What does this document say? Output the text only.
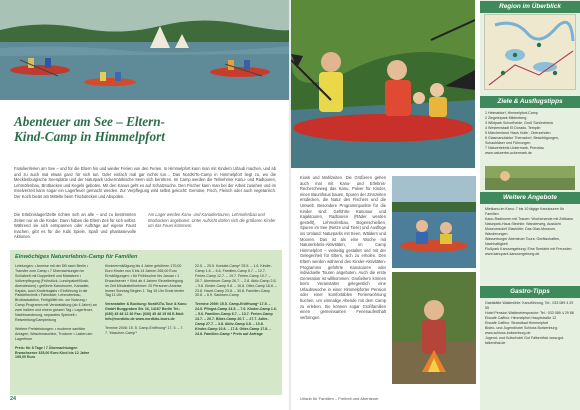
Abenteuer am See – Eltern-Kind-Camp in Himmelpfort
Familienferien am See – und für die Eltern hin und wieder Ferien von den Ferien. In Himmelpfort kann man mit Kindern Urlaub machen, und ab und zu auch mal etwas ganz für sich tun. Oder einfach mal gar nichts tun… Das NordKiTo-Camp in Himmelpfort liegt zu, wo die Mecklenburgische Seenplatte und der Naturpark Uckermärkische Seen sich berühren. Im Camp werden die Teilnehmer Kanu- und Radtouren, Lehmöfenbau, Brotbacken und Kegeln geboten. Mit den Kanus geht es auf Schatzsuche. Den Fischer kann man bei der Arbeit zusehen und im Inselverzeit kann sogar ein Lagerfeuer gemacht werden. Zur Verpflegung wird selbst gekocht: Gemüse, Fisch, Fleisch oder auch vegetarisch. Der Koch bietet am Mittelte beim Tischdecken und Abspülen.
Die Erlebnislager/Zelte richten sich an alle – und zu bestimmten Zeiten nur an die Kinder. Dann haben die Eltern Zeit für sich selbst. Während sie sich entspannen oder Aufträge auf eigene Faust machen, gibt es für die Kids Spiele, Spaß und phantasievolle Aktionen.
Am Lager werden Kanu- und Kanadiertouren, Lehmofenbau und Brotbacken angeboten. Unter Aufsicht dürfen sich die größeren Kinder um das Feuer kümmern.
Einwöchiges Naturerlebnis-Camp für Familien
Leistungen: • Anreise mit der DB nach Berlin • Transfer zum Camp • 7 Übernachtungen im Schlafzelt mit Doppelbett und Matratzen • Vollverpflegung (Frühstück, Lunchpaket/Kiosk, Abendessen) • geführte Kanutouren, Kanadier, Kajaks, auch Kinderkajaks • Einführung in die Paddeltechnik • Fahrräder, Lehmofenbau, Brotbackaktion, Fertiglöffel etc. zur Nutzung • Camp-Programm mit Veranstaltung (ab 4 Jahre) an zwei halben und einem ganzen Tag • Lagerfeuer, Nachtwanderung, separates Spielzelt • Reiseleitung/Campleitung
Weitere Preisleistungen: • moderne sanitäre Anlagen, Waschmaschine, Trockner • Lasten am Lagerfeuer
Preis: für 8 Tage / 7 Übernachtungen Erwachsener 325,00 Euro Kind bis 12 Jahre 195,00 Euro
Kinderermäßigung bis 4 Jahre gebühren 170,00 Euro Kinder von 5 bis 14 Jahren 265,00 Euro Ermäßigungen: • für Frühbucher bis Januar • 1 Erwachsener + Kind ab 4 Jahren Einzelbelegung im Zelt Mindestteilnehmer: 20 Personen Anreise immer Sonntag Beginn 1. Tag 15 Uhr Ende letzter Tag 11 Uhr
Veranstalter & Buchung: NordKiTo-Tour & Kanu GmbH Burggraben Str. 16, 14167 Berlin Tel.: (030) 45 48 12 36 Fax: (030) 45 48 15 08 E-Mail: info@nordkito.de www.nordkito-tours.de
Termine 2008: 15. 5. Camp-Eröffnung* 17. 5. – 7. 7. 'Maschen-Camp'*
22.5. – 25.5. Kontakt-Camp* 25.5. – 1.6. Kinder-Camp 1.6. – 6.6. Familien-Camp 5.7. – 12.7. Ferien-Camp 12.7. – 19.7. Ferien-Camp 19.7. – 26.7. Abenteuer-Camp 26.7. – 2.8. Aktiv-Camp 2.8. – 9.8. Kinder-Camp 9.8. – 16.8. Otter-Camp 16.8. – 23.8. Havel-Camp 23.8. – 30.8. Familien-Camp 30.8. – 6.9. Sachsen-Camp
Termine 2009: 15.5. Camp-Eröffnung* 17.5. – 24.5. Pfingst-Camp 24.5. – 7.6. Kinder-Camp 1.6. – 5.6. Familien-Camp 6.7. – 13.7. Ferien-Camp 13.7. – 20.7. Biber-Camp 20.7. – 27.7. Adler-Camp 27.7. – 3.8. Aktiv-Camp 3.8. – 10.8. Kinder-Camp 10.8. – 17.8. Otter-Camp 17.8. – 24.8. Familien-Camp * Preis auf Anfrage
24
Kiosk und Mahlzeiten. Die Größeren gehen auch mal mit Kanu- und Erlebnis-Rechercheweg das Kanu, Pulver für Kinder, einen Baumhaus bauen, Spuren der Zinnzeiten entdecken, die Natur des Fischers und die Umwelt. Besondere Programmpunkte für die Kinder sind: Geführte Kanutour und Kajaktouren, Radtouren (Räder werden gestellt), Lehmofenbau, Bogenschießen, Spuren im See (Netze und Tiere) und Ausflüge ins Umland: Naturparks mit Seen, Wäldern und Mooren. Das ist als eine Woche mit Naturerlebnis-Aktivitäten, im Camp Himmelpfort – vielseitig gestaltet und mit der Gelegenheit für Eltern, sich zu erholen. Den Eltern werden während des Kinder-Aktivitäten-Programms geführte Kanutouren oder individuelle Touren angeboten. Auch die erste Generation ist willkommen: Großeltern können beim Veranstalter gelegentlich eine Urlaubswoche in einer Himmelpforter Pension oder einer komfortablen Ferienwohnung buchen, um einmalige Abende mit dem Camp zu erleben. Sie können sogar Großfamilien einen gemeinsamen Ferienaufenthalt verbringen.
Urlaub für Familien – Freiheit und Abenteuer
Region im Überblick
Ziele & Ausflugstipps
1 Heimatdorf, Himmelpfort-Camp
2 Ziegeleipark Mildenberg
3 Wildpark Schorfheide, Groß Schönebeck
4 Westernstadt El Dorado, Templin
5 Märchenland 'Haus Holle', Oberzehden
6 Glasmanufaktur Themsdorf, Besichtigungen, Schaubläser und Führungen
7 Naturerlebnis Uckermark, Prenzlau
www.naturerbe-uckermark.de
Weitere Angebote
Mietkanu im Kanu: 7 bis 10 tägige Kanutouren für Familien
Kanu-Radtouren mit Trauen: Wochenende mit Zeltkanu
Naturpark-Haus Stechlin: Wanderweg, Aussicht
Museumsdorf Glashütte: Das Glas-Museum, Wanderungen
Wasserburger Abenteuer Tours: Gerätschaften, Nachhaltigkeit
Floßpark Kanuumgebung: Eine Seefahrt mit Freunden
www.kanupark-kanuumgebung.de
Gastro-Tipps
Gaststätte Waldmühle: Kanuführung, Tel.: 033 089 4 29 55
Hotel Pension Waldmeiersprache: Tel.: 033 089 4 29 88
Eiscafé Caffino: Himmelpfort Hauptstraße 12
Eiscafé Caffino: Strandbad Himmelpfort
Bistro- und Jugendhotel Schloss Boitzenburg: www.schloss-boitzenburg.de
Jugend- und Kulturhotel Gut Falkenthal: www.gut-falkenthal.de
